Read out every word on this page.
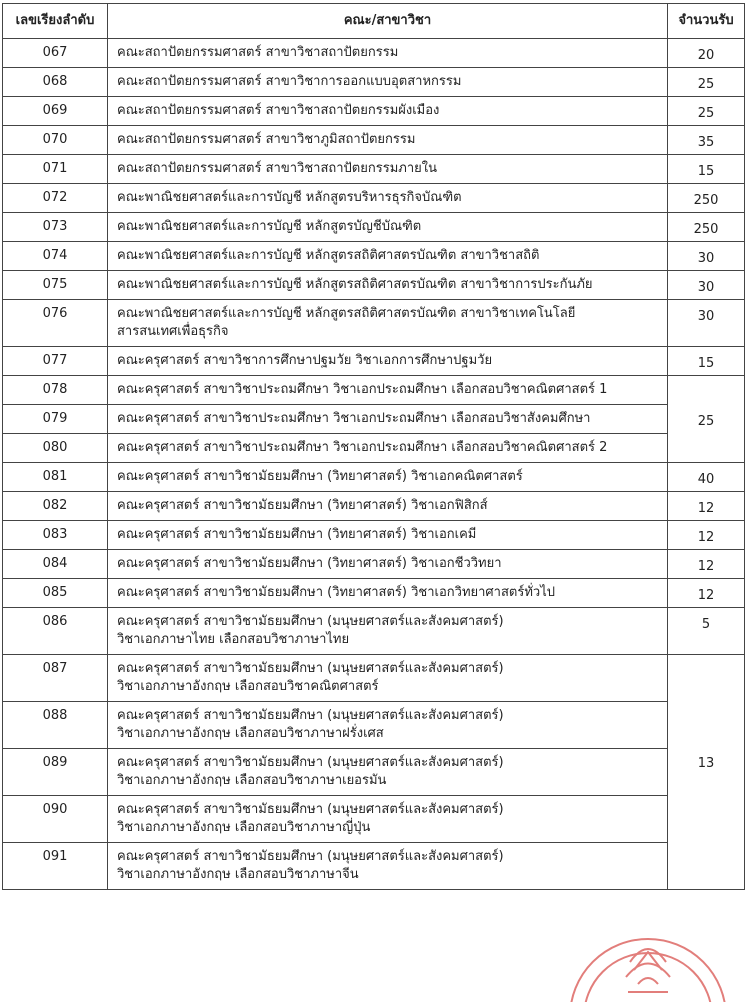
เลขเรียงลำดับ	คณะ/สาขาวิชา	จำนวนรับ
067	คณะสถาปัตยกรรมศาสตร์ สาขาวิชาสถาปัตยกรรม	20
068	คณะสถาปัตยกรรมศาสตร์ สาขาวิชาการออกแบบอุตสาหกรรม	25
069	คณะสถาปัตยกรรมศาสตร์ สาขาวิชาสถาปัตยกรรมผังเมือง	25
070	คณะสถาปัตยกรรมศาสตร์ สาขาวิชาภูมิสถาปัตยกรรม	35
071	คณะสถาปัตยกรรมศาสตร์ สาขาวิชาสถาปัตยกรรมภายใน	15
072	คณะพาณิชยศาสตร์และการบัญชี หลักสูตรบริหารธุรกิจบัณฑิต	250
073	คณะพาณิชยศาสตร์และการบัญชี หลักสูตรบัญชีบัณฑิต	250
074	คณะพาณิชยศาสตร์และการบัญชี หลักสูตรสถิติศาสตรบัณฑิต สาขาวิชาสถิติ	30
075	คณะพาณิชยศาสตร์และการบัญชี หลักสูตรสถิติศาสตรบัณฑิต สาขาวิชาการประกันภัย	30
076	คณะพาณิชยศาสตร์และการบัญชี หลักสูตรสถิติศาสตรบัณฑิต สาขาวิชาเทคโนโลยี
สารสนเทศเพื่อธุรกิจ	30
077	คณะครุศาสตร์ สาขาวิชาการศึกษาปฐมวัย วิชาเอกการศึกษาปฐมวัย	15
078	คณะครุศาสตร์ สาขาวิชาประถมศึกษา วิชาเอกประถมศึกษา เลือกสอบวิชาคณิตศาสตร์ 1	25
079	คณะครุศาสตร์ สาขาวิชาประถมศึกษา วิชาเอกประถมศึกษา เลือกสอบวิชาสังคมศึกษา	

080	คณะครุศาสตร์ สาขาวิชาประถมศึกษา วิชาเอกประถมศึกษา เลือกสอบวิชาคณิตศาสตร์ 2	

081	คณะครุศาสตร์ สาขาวิชามัธยมศึกษา (วิทยาศาสตร์) วิชาเอกคณิตศาสตร์	40
082	คณะครุศาสตร์ สาขาวิชามัธยมศึกษา (วิทยาศาสตร์) วิชาเอกฟิสิกส์	12
083	คณะครุศาสตร์ สาขาวิชามัธยมศึกษา (วิทยาศาสตร์) วิชาเอกเคมี	12
084	คณะครุศาสตร์ สาขาวิชามัธยมศึกษา (วิทยาศาสตร์) วิชาเอกชีววิทยา	12
085	คณะครุศาสตร์ สาขาวิชามัธยมศึกษา (วิทยาศาสตร์) วิชาเอกวิทยาศาสตร์ทั่วไป	12
086	คณะครุศาสตร์ สาขาวิชามัธยมศึกษา (มนุษยศาสตร์และสังคมศาสตร์)
วิชาเอกภาษาไทย เลือกสอบวิชาภาษาไทย	5
087	คณะครุศาสตร์ สาขาวิชามัธยมศึกษา (มนุษยศาสตร์และสังคมศาสตร์)
วิชาเอกภาษาอังกฤษ เลือกสอบวิชาคณิตศาสตร์	13
088	คณะครุศาสตร์ สาขาวิชามัธยมศึกษา (มนุษยศาสตร์และสังคมศาสตร์)
วิชาเอกภาษาอังกฤษ เลือกสอบวิชาภาษาฝรั่งเศส	

089	คณะครุศาสตร์ สาขาวิชามัธยมศึกษา (มนุษยศาสตร์และสังคมศาสตร์)
วิชาเอกภาษาอังกฤษ เลือกสอบวิชาภาษาเยอรมัน	

090	คณะครุศาสตร์ สาขาวิชามัธยมศึกษา (มนุษยศาสตร์และสังคมศาสตร์)
วิชาเอกภาษาอังกฤษ เลือกสอบวิชาภาษาญี่ปุ่น	

091	คณะครุศาสตร์ สาขาวิชามัธยมศึกษา (มนุษยศาสตร์และสังคมศาสตร์)
วิชาเอกภาษาอังกฤษ เลือกสอบวิชาภาษาจีน	
